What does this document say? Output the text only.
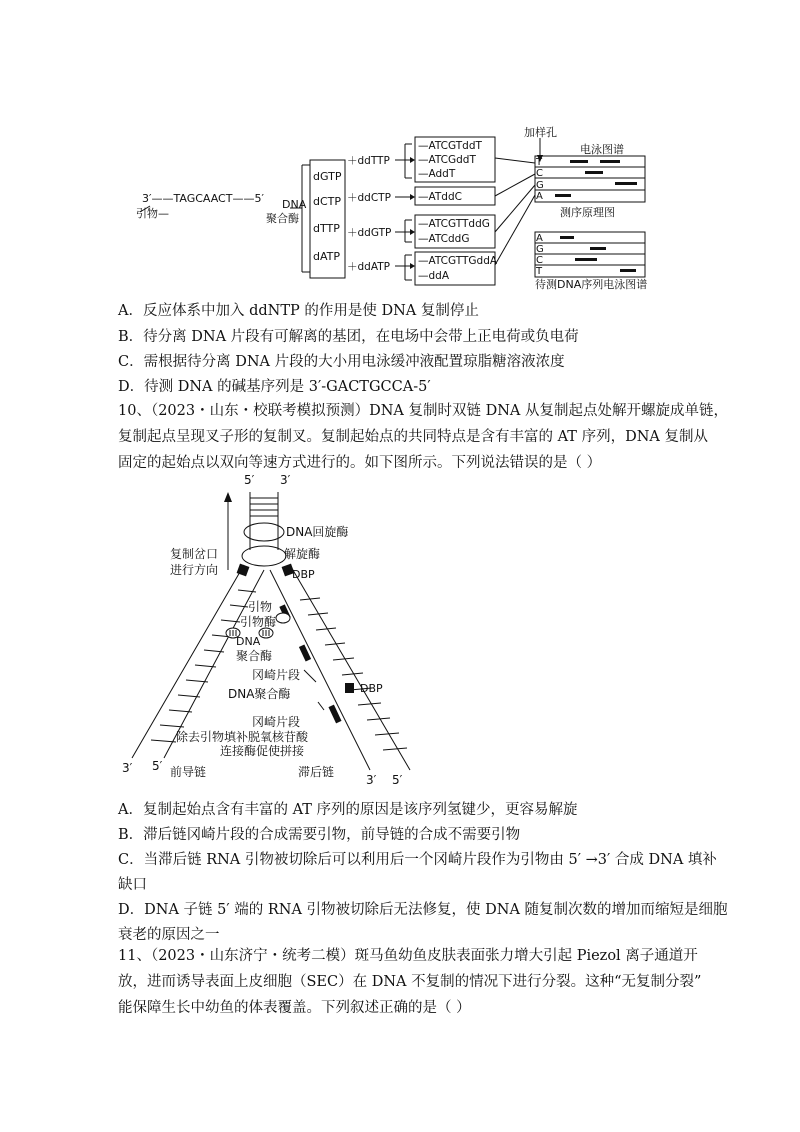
3′——TAGCAACT——5′
引物—
DNA
聚合酶
dGTP
dCTP
dTTP
dATP
＋ddTTP
＋ddCTP
＋ddGTP
＋ddATP
—ATCGTddT
—ATCGddT
—AddT
—ATddC
—ATCGTTddG
—ATCddG
—ATCGTTGddA
—ddA
加样孔
电泳图谱
T
C
G
A
测序原理图
A
G
C
T
待测DNA序列电泳图谱
A．反应体系中加入 ddNTP 的作用是使 DNA 复制停止
B．待分离 DNA 片段有可解离的基团，在电场中会带上正电荷或负电荷
C．需根据待分离 DNA 片段的大小用电泳缓冲液配置琼脂糖溶液浓度
D．待测 DNA 的碱基序列是 3′-GACTGCCA-5′
10、（2023・山东・校联考模拟预测）DNA 复制时双链 DNA 从复制起点处解开螺旋成单链，
复制起点呈现叉子形的复制叉。复制起始点的共同特点是含有丰富的 AT 序列，DNA 复制从
固定的起始点以双向等速方式进行的。如下图所示。下列说法错误的是（ ）
5′ 3′
DNA回旋酶
复制岔口
进行方向
解旋酶
DBP
引物
引物酶
DNA
聚合酶
冈崎片段
DBP
DNA聚合酶
冈崎片段
除去引物填补脱氧核苷酸
连接酶促使拼接
3′ 5′ 前导链	滞后链
3′ 5′
A．复制起始点含有丰富的 AT 序列的原因是该序列氢键少，更容易解旋
B．滞后链冈崎片段的合成需要引物，前导链的合成不需要引物
C．当滞后链 RNA 引物被切除后可以利用后一个冈崎片段作为引物由 5′ →3′ 合成 DNA 填补
缺口
D．DNA 子链 5′ 端的 RNA 引物被切除后无法修复，使 DNA 随复制次数的增加而缩短是细胞
衰老的原因之一
11、（2023・山东济宁・统考二模）斑马鱼幼鱼皮肤表面张力增大引起 Piezol 离子通道开
放，进而诱导表面上皮细胞（SEC）在 DNA 不复制的情况下进行分裂。这种“无复制分裂”
能保障生长中幼鱼的体表覆盖。下列叙述正确的是（ ）
